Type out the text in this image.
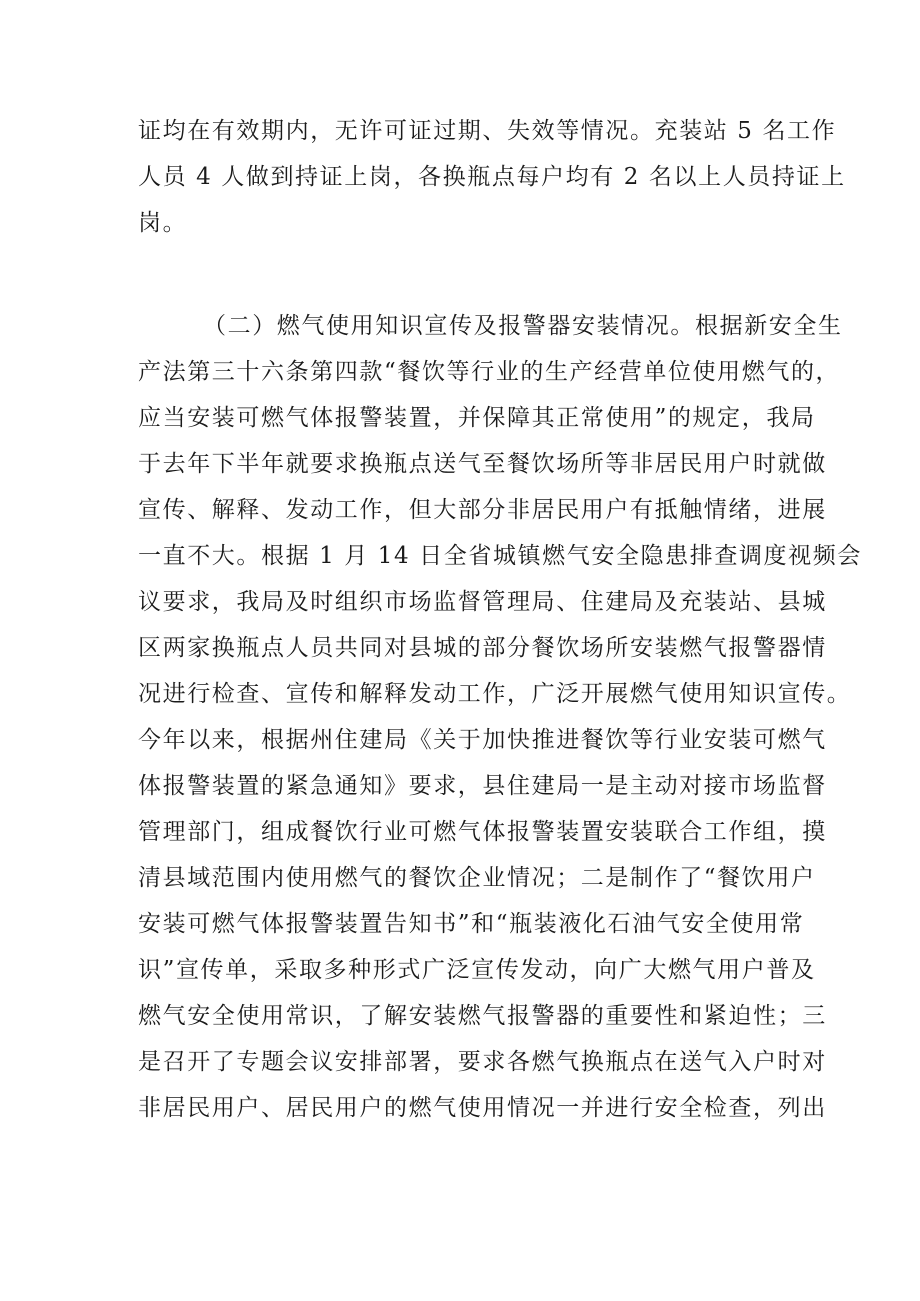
证均在有效期内，无许可证过期、失效等情况。充装站 5 名工作
人员 4 人做到持证上岗，各换瓶点每户均有 2 名以上人员持证上
岗。
（二）燃气使用知识宣传及报警器安装情况。根据新安全生
产法第三十六条第四款“餐饮等行业的生产经营单位使用燃气的，
应当安装可燃气体报警装置，并保障其正常使用”的规定，我局
于去年下半年就要求换瓶点送气至餐饮场所等非居民用户时就做
宣传、解释、发动工作，但大部分非居民用户有抵触情绪，进展
一直不大。根据 1 月 14 日全省城镇燃气安全隐患排查调度视频会
议要求，我局及时组织市场监督管理局、住建局及充装站、县城
区两家换瓶点人员共同对县城的部分餐饮场所安装燃气报警器情
况进行检查、宣传和解释发动工作，广泛开展燃气使用知识宣传。
今年以来，根据州住建局《关于加快推进餐饮等行业安装可燃气
体报警装置的紧急通知》要求，县住建局一是主动对接市场监督
管理部门，组成餐饮行业可燃气体报警装置安装联合工作组，摸
清县域范围内使用燃气的餐饮企业情况；二是制作了“餐饮用户
安装可燃气体报警装置告知书”和“瓶装液化石油气安全使用常
识”宣传单，采取多种形式广泛宣传发动，向广大燃气用户普及
燃气安全使用常识，了解安装燃气报警器的重要性和紧迫性；三
是召开了专题会议安排部署，要求各燃气换瓶点在送气入户时对
非居民用户、居民用户的燃气使用情况一并进行安全检查，列出
